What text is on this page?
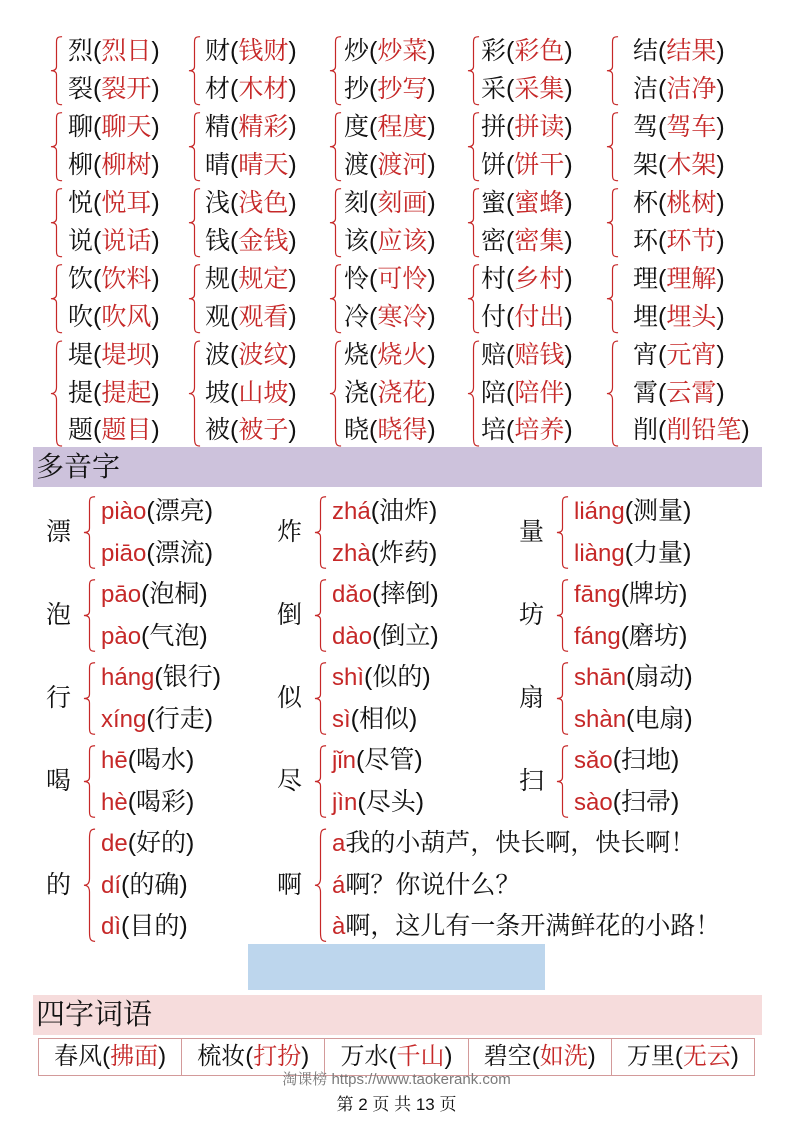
烈 ( 烈日 )
裂 ( 裂开 )
财 ( 钱财 )
材 ( 木材 )
炒 ( 炒菜 )
抄 ( 抄写 )
彩 ( 彩色 )
采 ( 采集 )
结 ( 结果 )
洁 ( 洁净 )
聊 ( 聊天 )
柳 ( 柳树 )
精 ( 精彩 )
晴 ( 晴天 )
度 ( 程度 )
渡 ( 渡河 )
拼 ( 拼读 )
饼 ( 饼干 )
驾 ( 驾车 )
架 ( 木架 )
悦 ( 悦耳 )
说 ( 说话 )
浅 ( 浅色 )
钱 ( 金钱 )
刻 ( 刻画 )
该 ( 应该 )
蜜 ( 蜜蜂 )
密 ( 密集 )
杯 ( 桃树 )
环 ( 环节 )
饮 ( 饮料 )
吹 ( 吹风 )
规 ( 规定 )
观 ( 观看 )
怜 ( 可怜 )
冷 ( 寒冷 )
村 ( 乡村 )
付 ( 付出 )
理 ( 理解 )
埋 ( 埋头 )
堤 ( 堤坝 )
提 ( 提起 )
题 ( 题目 )
波 ( 波纹 )
坡 ( 山坡 )
被 ( 被子 )
烧 ( 烧火 )
浇 ( 浇花 )
晓 ( 晓得 )
赔 ( 赔钱 )
陪 ( 陪伴 )
培 ( 培养 )
宵 ( 元宵 )
霄 ( 云霄 )
削 ( 削铅笔 )
多音字
漂
piào ( 漂亮 )
piāo ( 漂流 )
炸
zhá ( 油炸 )
zhà ( 炸药 )
量
liáng ( 测量 )
liàng ( 力量 )
泡
pāo ( 泡桐 )
pào ( 气泡 )
倒
dǎo ( 摔倒 )
dào ( 倒立 )
坊
fāng ( 牌坊 )
fáng ( 磨坊 )
行
háng ( 银行 )
xíng ( 行走 )
似
shì ( 似的 )
sì ( 相似 )
扇
shān ( 扇动 )
shàn ( 电扇 )
喝
hē ( 喝水 )
hè ( 喝彩 )
尽
jǐn ( 尽管 )
jìn ( 尽头 )
扫
sǎo ( 扫地 )
sào ( 扫帚 )
的
de ( 好的 )
dí ( 的确 )
dì ( 目的 )
啊
a我的小葫芦，快长啊，快长啊！
á啊？你说什么？
à啊，这儿有一条开满鲜花的小路！

四字词语
春风 ( 拂面 )	梳妆 ( 打扮 )	万水 ( 千山 )	碧空 ( 如洗 )	万里 ( 无云 )
淘课榜 https://www.taokerank.com
第 2 页 共 13 页
